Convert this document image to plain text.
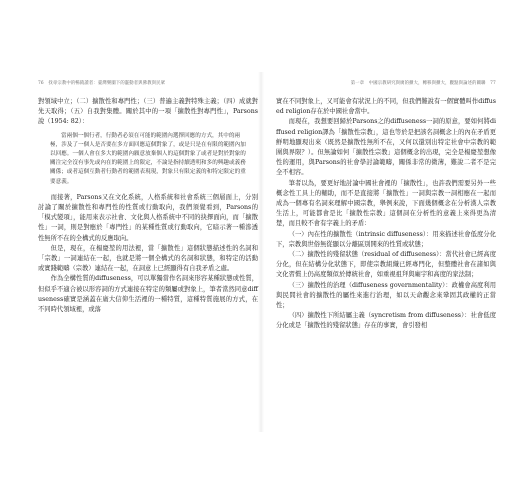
76　找尋宗教中的暢銷讀者：臺灣樂團下的靈動者與佛教與民眾

對領域中立；（二）擴散性和專門性；（三）普遍主義對特殊主義；（四）成就對先天取得；（五）自我對集體。關於其中的一項「擴散性對專門性」，Parsons說（1954: 82）：

當兩個一個行者，行動者必須在可能的範圍內選擇回應的方式，其中的兩極，涉及了一個人是否要在多方面回應這個對象了，或是只是在有限的範圍內加以回應。一個人會在多大的範圍內願意放棄個人的這個對象了或者是對於對象的關注完全沒有事先或內在的範圍上的限定，不論是指持續透明和多的興趣或義務關係；或者這個互動者行動者的範圍表現現，對象只有限定義的和特定限定的重要意義。

而接著，Parsons又在文化系統，人格系統和社會系統三個層面上，分別討論了關於擴散性和專門性的性質或行動取向，我們須覺看到，Parsons的「模式變項」，能用來表示社會、文化與人格系統中不同的抉擇面向，而「擴散性」一詞，則是對應於「專門性」的某種性質或行動取向，它暗示著一種滲透性無所不在的全構式的反應取向。

但是，現在，在楊慶堃的用法裡，當「擴散性」這個狀態描述性的名詞和「宗教」一詞連結在一起，也就是將一個全構式的名詞和狀態，和特定的活動或實踐範疇（宗教）連結在一起，在詞意上已經顯得有自我矛盾之處。

作為全構性質的diffuseness，可以單獨當作名詞來形容某種狀態或性質，但似乎不適合被以形容詞的方式連接在特定的類屬或對象上，筆者當然同意diffuseness確實是涵蓋在廣大信仰生活裡的一種特質，這種特質施展的方式，在不同時代領域裡，或落

第一章　中國宗教研究與廣的擴大，轉移與擴大，觀點與論述的關聯　77

實在不同對象上，又可能會有狀況上的不同，但我們難說有一個實體叫作diffused religion存在於中國社會當中。

而現在，我想要回歸於Parsons之的diffuseness一詞的原意，要如何將diffused religion譯為「擴散性宗教」，這也等於是把該名詞概念上的內在矛盾更鮮明地顯現出來（既然是擴散性無所不在，又何以還別出特定社會中宗教的範圍與界限？）。但無論如何「擴散性宗教」這個概念的出現，完全是楊慶堃想像性的運用，與Parsons的社會學討論範疇，關係非常的微薄，難說二者不是完全不相容。

筆者以為，要更好地討論中國社會裡的「擴散性」，也許我們需要另外一些概念性工具上的輔助，而不是直接將「擴散性」一詞與宗教一詞相應在一起而成為一個專有名詞來理解中國宗教，舉例來說，下面幾個概念在分析漢人宗教生活上，可能都會是比「擴散性宗教」這個詞在分析性的意義上來得更為清楚，而且較不會有字義上的矛盾：

（一）內在性的擴散性（intrinsic diffuseness）：用來描述社會低度分化下，宗教與世俗無從顯以分離區別開來的性質或狀態；

（二）擴散性的殘留狀態（residual of diffuseness）：當代社會已經高度分化，但在結構分化狀態下，即使宗教組織已經專門化，但整體社會在諸如與文化習慣上仍高度類似於傳統社會，如重視祖拜與廟宇和高度的家法制；

（三）擴散性的治理（diffuseness governmentality）：政權會高度利用與民間社會的擴散性的屬性來進行治理，如以天命觀念來鞏固其政權的正當性；

（四）擴散性下所結屬主義（syncretism from diffuseness）：社會低度分化或是「擴散性的殘留狀態」存在的事實，會引發相
